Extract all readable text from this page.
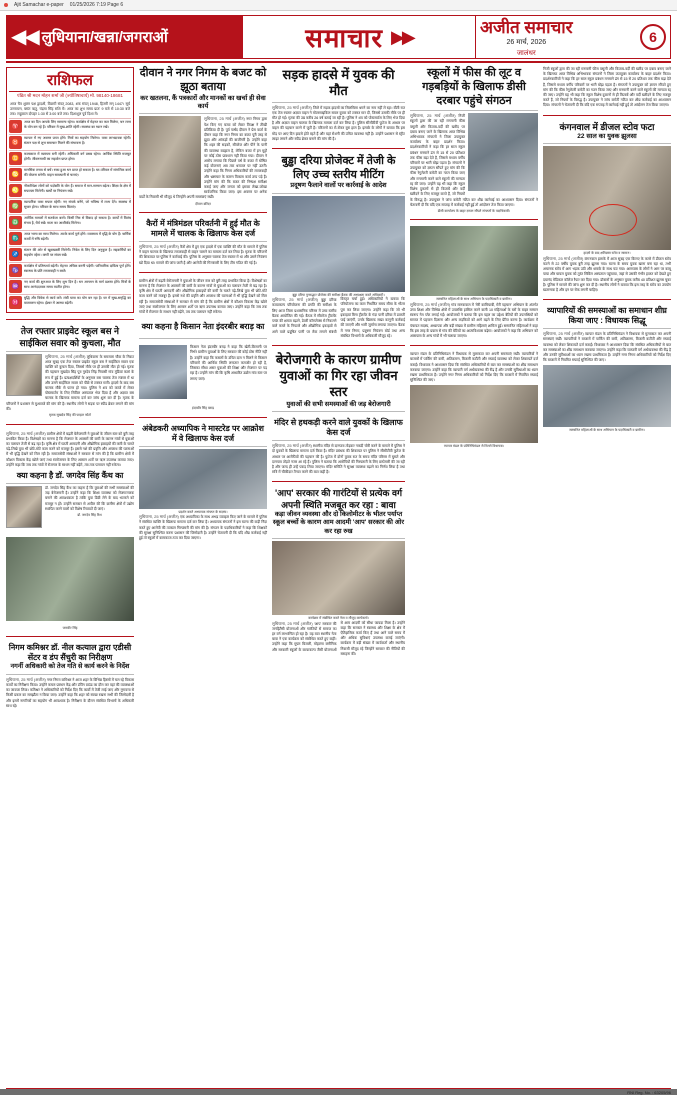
Ajit Samachar e-paper 01/25/2026 7:19 Page 6
◀◀ लुधियाना/खन्ना/जगराओं	समाचार ▶▶	अजीत समाचार
26 मार्च, 2026
जालंधर
6
राशिफल
पंडित श्री मदन मोहन शर्मा जी (ज्योतिषाचार्य) मो. 98140-18681
आज चैत्र शुक्ल पक्ष द्वादशी, विक्रमी संवत् 2083, शक संवत् 1948, हिजरी सन् 1447। सूर्य उत्तरायण, बसंत ऋतु, चंद्रमा सिंह राशि में। आज का शुभ समय प्रातः 9 बजे से 10:30 बजे तक। राहुकाल दोपहर 1:30 से 3:00 बजे तक। दिशाशूल पूर्व दिशा में।
♈
आज का दिन आपके लिए सामान्य रहेगा। कार्यक्षेत्र में मेहनत का फल मिलेगा, धन लाभ के योग बन रहे हैं। परिवार में सुख-शांति रहेगी। स्वास्थ्य का ध्यान रखें।
♉
व्यापार में नए अवसर प्राप्त होंगे। मित्रों का सहयोग मिलेगा। यात्रा लाभदायक रहेगी। संतान पक्ष से शुभ समाचार मिलने की संभावना है।
♊
कामकाज में व्यस्तता बनी रहेगी। अधिकारी वर्ग प्रसन्न रहेगा। आर्थिक स्थिति मजबूत होगी। जीवनसाथी का सहयोग प्राप्त होगा।
♋
मानसिक तनाव से बचें। रुका हुआ धन प्राप्त हो सकता है। घर-परिवार में मांगलिक कार्य की योजना बनेगी। वाहन सावधानी से चलाएं।
♌
नौकरीपेशा लोगों को पदोन्नति के योग हैं। समाज में मान-सम्मान बढ़ेगा। शिक्षा के क्षेत्र में सफलता मिलेगी। खर्चों पर नियंत्रण रखें।
♍
व्यापारिक यात्रा सफल रहेगी। नए संपर्क बनेंगे, जो भविष्य में लाभ देंगे। स्वास्थ्य में सुधार होगा। परिवार के साथ समय बिताएं।
♎
आर्थिक मामलों में सतर्कता बरतें। किसी मित्र से विवाद हो सकता है। कार्यों में विलंब संभव है, धैर्य रखें। माता का आशीर्वाद मिलेगा।
♏
आज भाग्य का साथ मिलेगा। अटके कार्य पूर्ण होंगे। व्यवसाय में वृद्धि के योग हैं। धार्मिक कार्यों में रुचि बढ़ेगी।
♐
संतान की ओर से खुशखबरी मिलेगी। निवेश के लिए दिन अनुकूल है। सहकर्मियों का सहयोग रहेगा। वाणी पर संयम रखें।
♑
कार्यक्षेत्र में प्रतिस्पर्धा बढ़ेगी। मेहनत अधिक करनी पड़ेगी। पारिवारिक दायित्व पूर्ण होंगे। स्वास्थ्य के प्रति लापरवाही न बरतें।
♒
नए कार्य की शुरुआत के लिए शुभ दिन है। धन आगमन के मार्ग प्रशस्त होंगे। मित्रों के साथ आनंददायक समय व्यतीत होगा।
♓
बुद्धि और विवेक से कार्य करें। लंबी यात्रा का योग बन रहा है। घर में सुख-समृद्धि का वातावरण रहेगा। ईश्वर में आस्था बढ़ेगी।
तेज रफ्तार प्राइवेट स्कूल बस ने साईकिल सवार को कुचला, मौत
लुधियाना, 25 मार्च (अजीत) लुधियाना के समराला चौक के निकट आज सुबह एक तेज रफ्तार प्राइवेट स्कूल बस ने साईकिल सवार एक व्यक्ति को कुचल दिया, जिससे मौके पर ही उसकी मौत हो गई। मृतक की पहचान सुखदेव सिंह पुत्र गुरदेव सिंह निवासी गांव मुंडियां कलां के रूप में हुई है। प्रत्यक्षदर्शियों के अनुसार बस चालक तेज रफ्तार में था और उसने साईकिल सवार को पीछे से टक्कर मारी। हादसे के बाद बस चालक मौके से फरार हो गया। पुलिस ने शव को कब्जे में लेकर पोस्टमार्टम के लिए सिविल अस्पताल भेज दिया है और अज्ञात बस चालक के खिलाफ मामला दर्ज कर जांच शुरू कर दी है। मृतक के परिजनों ने प्रशासन से मुआवजे की मांग की है। स्थानीय लोगों ने सड़क पर स्पीड ब्रेकर लगाने की मांग की।
मृतक सुखदेव सिंह की फाइल फोटो
लुधियाना, 25 मार्च (अजीत) ग्रामीण क्षेत्रों में बढ़ती बेरोजगारी ने युवाओं के जीवन स्तर को बुरी तरह प्रभावित किया है। विशेषज्ञों का मानना है कि रोजगार के अवसरों की कमी के कारण गांवों से युवाओं का पलायन तेजी से बढ़ रहा है। कृषि क्षेत्र में घटती आमदनी और औद्योगिक इकाइयों की कमी के चलते पढ़े-लिखे युवा भी छोटे-मोटे काम करने को मजबूर हैं। इससे नशे की प्रवृत्ति और अपराध की घटनाओं में भी वृद्धि देखने को मिल रही है। समाजसेवी संस्थाओं ने सरकार से मांग की है कि ग्रामीण क्षेत्रों में कौशल विकास केंद्र खोले जाएं तथा स्वरोजगार के लिए आसान शर्तों पर ऋण उपलब्ध कराया जाए। उन्होंने कहा कि जब तक गांवों में रोजगार के साधन नहीं बढ़ेंगे, तब तक पलायन नहीं रुकेगा।
क्या कहना है डॉ. जगदेव सिंह कैंथ का
डॉ. जगदेव सिंह कैंथ का कहना है कि युवाओं की सभी समस्याओं की जड़ बेरोजगारी है। उन्होंने कहा कि शिक्षा व्यवस्था को रोजगारपरक बनाने की आवश्यकता है ताकि युवा डिग्री लेने के बाद भटकने को मजबूर न हों। उन्होंने सरकार से अपील की कि ग्रामीण क्षेत्रों में उद्योग स्थापित करने वालों को विशेष रियायतें दी जाएं।
डॉ. जगदेव सिंह कैंथ
जसवीर सिंह
निगम कमिश्नर डॉ. नील कत्याल द्वारा एडीसी सेंटर व डंप सैंचुरी का निरीक्षण
नगर्नी अधिकारी को तेज गति से कार्य करने के निर्देश
लुधियाना, 25 मार्च (अजीत) नगर निगम कमिश्नर ने आज शहर के विभिन्न हिस्सों में चल रहे विकास कार्यों का निरीक्षण किया। उन्होंने कचरा प्रबंधन केंद्र और डंपिंग ग्राउंड का दौरा कर वहां की व्यवस्थाओं का जायजा लिया। कमिश्नर ने अधिकारियों को निर्देश दिए कि कार्यों में तेजी लाई जाए और गुणवत्ता से किसी प्रकार का समझौता न किया जाए। उन्होंने कहा कि शहर को स्वच्छ रखना सभी की जिम्मेदारी है और इसमें नागरिकों का सहयोग भी आवश्यक है। निरीक्षण के दौरान संबंधित विभागों के अधिकारी साथ रहे।
दीवान ने नगर निगम के बजट को झूठा बताया
कर खतलना, कैं पत्रकारों और मानकों का खर्चा ही सेवा कार्य
लुधियाना, 25 मार्च (अजीत) नगर निगम द्वारा पेश किए गए बजट को लेकर विपक्ष ने तीखी प्रतिक्रिया दी है। पूर्व पार्षद दीवान ने प्रेस वार्ता के दौरान कहा कि नगर निगम का बजट पूरी तरह से झूठा और आंकड़ों की बाजीगरी है। उन्होंने कहा कि शहर की सड़कों, सीवरेज और पीने के पानी की व्यवस्था बदहाल है, लेकिन बजट में इन मुद्दों पर कोई ठोस प्रावधान नहीं किया गया। दीवान ने आरोप लगाया कि पिछले वर्ष के बजट में घोषित कई योजनाएं अब तक धरातल पर नहीं उतरीं। उन्होंने कहा कि निगम अधिकारियों की लापरवाही और भ्रष्टाचार के कारण विकास कार्य ठप्प पड़े हैं। उन्होंने मांग की कि बजट की निष्पक्ष समीक्षा कराई जाए और जनता को इसका लेखा-जोखा सार्वजनिक किया जाए। इस अवसर पर अनेक वार्डों के निवासी भी मौजूद थे जिन्होंने अपनी समस्याएं रखीं।
दीवान बरिंदर
कैरों में मंत्रिमंडल परिवर्तनी में हुई मौत के मामले में चालक के खिलाफ केस दर्ज
लुधियाना, 25 मार्च (अजीत) कैरों क्षेत्र में हुए एक हादसे में एक व्यक्ति की मौत के मामले में पुलिस ने वाहन चालक के खिलाफ लापरवाही से वाहन चलाने का मामला दर्ज कर लिया है। मृतक के परिजनों की शिकायत पर पुलिस ने कार्रवाई की। पुलिस के अनुसार चालक तेज रफ्तार में था और उसने नियंत्रण खो दिया था। मामले की जांच जारी है और आरोपी की गिरफ्तारी के लिए टीम गठित की गई है।
ग्रामीण क्षेत्रों में बढ़ती बेरोजगारी ने युवाओं के जीवन स्तर को बुरी तरह प्रभावित किया है। विशेषज्ञों का मानना है कि रोजगार के अवसरों की कमी के कारण गांवों से युवाओं का पलायन तेजी से बढ़ रहा है। कृषि क्षेत्र में घटती आमदनी और औद्योगिक इकाइयों की कमी के चलते पढ़े-लिखे युवा भी छोटे-मोटे काम करने को मजबूर हैं। इससे नशे की प्रवृत्ति और अपराध की घटनाओं में भी वृद्धि देखने को मिल रही है। समाजसेवी संस्थाओं ने सरकार से मांग की है कि ग्रामीण क्षेत्रों में कौशल विकास केंद्र खोले जाएं तथा स्वरोजगार के लिए आसान शर्तों पर ऋण उपलब्ध कराया जाए। उन्होंने कहा कि जब तक गांवों में रोजगार के साधन नहीं बढ़ेंगे, तब तक पलायन नहीं रुकेगा।
क्या कहना है किसान नेता इंदरबीर बराड़ का
किसान नेता इंदरबीर बराड़ ने कहा कि खेती-किसानी पर निर्भर ग्रामीण युवाओं के लिए सरकार की कोई ठोस नीति नहीं है। उन्होंने कहा कि फसलों के उचित दाम न मिलने से किसान परिवारों की आर्थिक स्थिति लगातार कमजोर हो रही है, जिसका सीधा असर युवाओं की शिक्षा और रोजगार पर पड़ रहा है। उन्होंने मांग की कि कृषि आधारित उद्योग गांव स्तर पर लगाए जाएं।
इंदरबीर सिंह बराड़
अंबेडकरी अध्यापिक ने मास्टरेड पर आक्रोश में वे खिलाफ केस दर्ज
प्रदर्शन करते अध्यापक संगठन के सदस्य।
लुधियाना, 25 मार्च (अजीत) एक अध्यापिका के साथ अभद्र व्यवहार किए जाने के मामले में पुलिस ने संबंधित व्यक्ति के खिलाफ मामला दर्ज कर लिया है। अध्यापक संगठनों ने इस घटना की कड़ी निंदा करते हुए आरोपी की तत्काल गिरफ्तारी की मांग की है। संगठन के पदाधिकारियों ने कहा कि शिक्षकों की सुरक्षा सुनिश्चित करना प्रशासन की जिम्मेदारी है। उन्होंने चेतावनी दी कि यदि शीघ्र कार्रवाई नहीं हुई तो स्कूलों में कामकाज ठप्प कर दिया जाएगा।
सड़क हादसे में युवक की मौत
लुधियाना, 25 मार्च (अजीत) जिले में सड़क हादसों का सिलसिला थमने का नाम नहीं ले रहा। बीती रात एक तेज रफ्तार अज्ञात वाहन ने मोटरसाइकिल सवार युवक को टक्कर मार दी, जिससे उसकी मौके पर ही मौत हो गई। मृतक की उम्र करीब 26 वर्ष बताई जा रही है। पुलिस ने शव को पोस्टमार्टम के लिए भेज दिया है और अज्ञात वाहन चालक के खिलाफ मामला दर्ज कर लिया है। पुलिस सीसीटीवी फुटेज के आधार पर वाहन की पहचान करने में जुटी है। परिजनों का रो-रोकर बुरा हाल है। इलाके के लोगों ने बताया कि इस मोड़ पर आए दिन हादसे होते रहते हैं और यहां रोशनी की उचित व्यवस्था नहीं है। उन्होंने प्रशासन से स्ट्रीट लाइट लगाने और स्पीड ब्रेकर बनाने की मांग की है।
बुड्ढा दरिया प्रोजेक्ट में तेजी के लिए उच्च स्तरीय मीटिंग
प्रदूषण फैलाने वालों पर कार्रवाई के आदेश
बुड्ढा दरिया पुनरुद्धार प्रोजेक्ट की समीक्षा बैठक की अध्यक्षता करते अधिकारी।
लुधियाना, 25 मार्च (अजीत) बुड्ढा दरिया कायाकल्प परियोजना की प्रगति की समीक्षा के लिए आज जिला प्रशासनिक परिसर में उच्च स्तरीय बैठक आयोजित की गई। बैठक में सीवरेज ट्रीटमेंट प्लांट की क्षमता बढ़ाने, डेयरी कॉम्प्लेक्स से निकलने वाले कचरे के निपटारे और औद्योगिक इकाइयों से आने वाले प्रदूषित पानी पर रोक लगाने संबंधी विस्तृत चर्चा हुई। अधिकारियों ने बताया कि परियोजना का काम निर्धारित समय सीमा के भीतर पूरा कर लिया जाएगा। उन्होंने कहा कि जो भी इकाइयां बिना ट्रीटमेंट के गंदा पानी दरिया में डालती पाई जाएंगी, उनके खिलाफ सख्त कानूनी कार्रवाई की जाएगी और भारी जुर्माना लगाया जाएगा। बैठक में नगर निगम, प्रदूषण नियंत्रण बोर्ड तथा अन्य संबंधित विभागों के अधिकारी मौजूद रहे।
बेरोजगारी के कारण ग्रामीण युवाओं का गिर रहा जीवन स्तर
युवाओं की सभी समस्याओं की जड़ बेरोजगारी
मंदिर से हथकड़ी करने वाले युवकों के खिलाफ केस दर्ज
लुधियाना, 25 मार्च (अजीत) स्थानीय मंदिर से दानपात्र तोड़कर नकदी चोरी करने के मामले में पुलिस ने दो युवकों के खिलाफ मामला दर्ज किया है। मंदिर प्रबंधक की शिकायत पर पुलिस ने सीसीटीवी फुटेज के आधार पर आरोपियों की पहचान की है। फुटेज में दोनों युवक रात के समय मंदिर परिसर में घुसते और दानपात्र तोड़ते नजर आ रहे हैं। पुलिस ने बताया कि आरोपियों की गिरफ्तारी के लिए छापेमारी की जा रही है और जल्द ही उन्हें पकड़ लिया जाएगा। मंदिर समिति ने सुरक्षा व्यवस्था बढ़ाने का निर्णय लिया है तथा रात्रि में चौकीदार तैनात करने की बात कही है।
'आप' सरकार की गारंटियों से प्रत्येक वर्ग अपनी स्थिति मजबूत कर रहा : बावा
कड़ा जीवन व्यवस्था और दो किलोमीटर के भीतर पर्याप्त स्कूल बच्चों के कारण आम आदमी 'आप' सरकार की ओर कर रहा रुख
कार्यक्रम में संबोधित करते नेता व मौजूद कार्यकर्ता।
लुधियाना, 25 मार्च (अजीत) 'आप' सरकार की जनहितैषी योजनाओं और गारंटियों से समाज का हर वर्ग लाभान्वित हो रहा है। यह बात स्थानीय नेता बावा ने एक कार्यक्रम को संबोधित करते हुए कही। उन्होंने कहा कि मुफ्त बिजली, मोहल्ला क्लीनिक और सरकारी स्कूलों के कायाकल्प जैसी योजनाओं से आम आदमी को सीधा फायदा मिला है। उन्होंने कहा कि सरकार ने स्वास्थ्य और शिक्षा के क्षेत्र में ऐतिहासिक कार्य किए हैं तथा आने वाले समय में और अधिक सुविधाएं उपलब्ध कराई जाएंगी। कार्यक्रम में बड़ी संख्या में कार्यकर्ता और स्थानीय निवासी मौजूद रहे जिन्होंने सरकार की नीतियों की सराहना की।
स्कूलों में फीस की लूट व गड़बड़ियों के खिलाफ डीसी दरबार पहुंचे संगठन
लुधियाना, 25 मार्च (अजीत) निजी स्कूलों द्वारा की जा रही मनमानी फीस वसूली और किताब-वर्दी की खरीद पर दबाव बनाए जाने के खिलाफ आज विभिन्न अभिभावक संगठनों ने जिला उपायुक्त कार्यालय के बाहर प्रदर्शन किया। प्रदर्शनकारियों ने कहा कि हर साल स्कूल प्रबंधन मनमाने ढंग से 15 से 20 प्रतिशत तक फीस बढ़ा देते हैं, जिससे मध्यम वर्गीय परिवारों पर भारी बोझ पड़ता है। संगठनों ने उपायुक्त को ज्ञापन सौंपते हुए मांग की कि फीस रेगुलेटरी कमेटी का गठन किया जाए और मनमानी करने वाले स्कूलों की मान्यता रद्द की जाए। उन्होंने यह भी कहा कि स्कूल विशेष दुकानों से ही किताबें और वर्दी खरीदने के लिए मजबूर करते हैं, जो नियमों के विरुद्ध है। उपायुक्त ने जांच कमेटी गठित कर शीघ्र कार्रवाई का आश्वासन दिया। संगठनों ने चेतावनी दी कि यदि एक सप्ताह में कार्रवाई नहीं हुई तो आंदोलन तेज किया जाएगा।
डीसी कार्यालय के बाहर ज्ञापन सौंपते संगठनों के पदाधिकारी।
सम्मानित महिलाओं के साथ अभियान के पदाधिकारी व ग्रामीण।
लुधियाना, 25 मार्च (अजीत) गांव मानकवाल में 'मेरी कामियाबी, मेरी पहचान' अभियान के अंतर्गत उच्च शिक्षा और विभिन्न क्षेत्रों में उपलब्धि हासिल करने वाली 10 महिलाओं के घरों के बाहर सम्मान स्वरूप नेम प्लेट लगाई गईं। आयोजकों ने बताया कि इस पहल का उद्देश्य बेटियों की उपलब्धियों को समाज में पहचान दिलाना और अन्य लड़कियों को आगे बढ़ने के लिए प्रेरित करना है। कार्यक्रम में पंचायत सदस्य, अध्यापक और बड़ी संख्या में ग्रामीण महिलाएं शामिल हुईं। सम्मानित महिलाओं ने कहा कि इस तरह के प्रयास से गांव की बेटियों का आत्मविश्वास बढ़ेगा। आयोजकों ने कहा कि अभियान को आसपास के अन्य गांवों में भी चलाया जाएगा।
व्यापार मंडल के प्रतिनिधिमंडल ने विधायक से मुलाकात कर अपनी समस्याएं रखीं। व्यापारियों ने बाजारों में पार्किंग की कमी, अतिक्रमण, बिजली कटौती और सफाई व्यवस्था को लेकर शिकायतें दर्ज कराईं। विधायक ने आश्वासन दिया कि संबंधित अधिकारियों से बात कर समस्याओं का शीघ्र समाधान करवाया जाएगा। उन्होंने कहा कि व्यापारी वर्ग अर्थव्यवस्था की रीढ़ है और उनकी सुविधाओं का ध्यान रखना प्राथमिकता है। उन्होंने नगर निगम अधिकारियों को निर्देश दिए कि बाजारों में नियमित सफाई सुनिश्चित की जाए।
व्यापार मंडल के प्रतिनिधिमंडल से मिलते विधायक।
निजी स्कूलों द्वारा की जा रही मनमानी फीस वसूली और किताब-वर्दी की खरीद पर दबाव बनाए जाने के खिलाफ आज विभिन्न अभिभावक संगठनों ने जिला उपायुक्त कार्यालय के बाहर प्रदर्शन किया। प्रदर्शनकारियों ने कहा कि हर साल स्कूल प्रबंधन मनमाने ढंग से 15 से 20 प्रतिशत तक फीस बढ़ा देते हैं, जिससे मध्यम वर्गीय परिवारों पर भारी बोझ पड़ता है। संगठनों ने उपायुक्त को ज्ञापन सौंपते हुए मांग की कि फीस रेगुलेटरी कमेटी का गठन किया जाए और मनमानी करने वाले स्कूलों की मान्यता रद्द की जाए। उन्होंने यह भी कहा कि स्कूल विशेष दुकानों से ही किताबें और वर्दी खरीदने के लिए मजबूर करते हैं, जो नियमों के विरुद्ध है। उपायुक्त ने जांच कमेटी गठित कर शीघ्र कार्रवाई का आश्वासन दिया। संगठनों ने चेतावनी दी कि यदि एक सप्ताह में कार्रवाई नहीं हुई तो आंदोलन तेज किया जाएगा।
कंगनवाल में डीजल स्टोव फटा
22 साल का युवक झुलसा
हादसे के बाद क्षतिग्रस्त स्टोव व सामान।
लुधियाना, 25 मार्च (अजीत) कंगनवाल इलाके में आज सुबह एक किराए के कमरे में डीजल स्टोव फटने से 22 वर्षीय युवक बुरी तरह झुलस गया। घटना के समय युवक खाना बना रहा था, तभी अचानक स्टोव में आग भड़क उठी और धमाके के साथ फट गया। आसपास के लोगों ने आग पर काबू पाया और घायल युवक को तुरंत सिविल अस्पताल पहुंचाया, जहां से उसकी गंभीर हालत को देखते हुए दयानंद मेडिकल कॉलेज रैफर कर दिया गया। डॉक्टरों के अनुसार युवक करीब 40 प्रतिशत झुलस चुका है। पुलिस ने मामले की जांच शुरू कर दी है। स्थानीय लोगों ने बताया कि इस तरह के स्टोव का उपयोग खतरनाक है और इन पर रोक लगनी चाहिए।
व्यापारियों की समस्याओं का समाधान शीघ्र किया जाए : विधायक सिद्धू
लुधियाना, 25 मार्च (अजीत) व्यापार मंडल के प्रतिनिधिमंडल ने विधायक से मुलाकात कर अपनी समस्याएं रखीं। व्यापारियों ने बाजारों में पार्किंग की कमी, अतिक्रमण, बिजली कटौती और सफाई व्यवस्था को लेकर शिकायतें दर्ज कराईं। विधायक ने आश्वासन दिया कि संबंधित अधिकारियों से बात कर समस्याओं का शीघ्र समाधान करवाया जाएगा। उन्होंने कहा कि व्यापारी वर्ग अर्थव्यवस्था की रीढ़ है और उनकी सुविधाओं का ध्यान रखना प्राथमिकता है। उन्होंने नगर निगम अधिकारियों को निर्देश दिए कि बाजारों में नियमित सफाई सुनिश्चित की जाए।
सम्मानित महिलाओं के साथ अभियान के पदाधिकारी व ग्रामीण।
RNI Reg. No. : 63205/96
